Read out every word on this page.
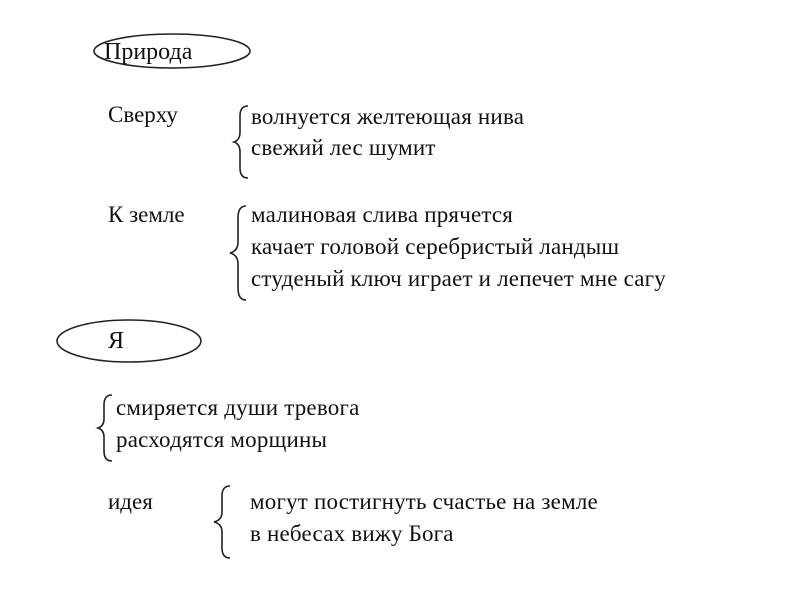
Природа
Сверху	волнуется желтеющая нива
свежий лес шумит
К земле	малиновая слива прячется
качает головой серебристый ландыш
студеный ключ играет и лепечет мне сагу
Я
смиряется души тревога
расходятся морщины
идея	могут постигнуть счастье на земле
в небесах вижу Бога
